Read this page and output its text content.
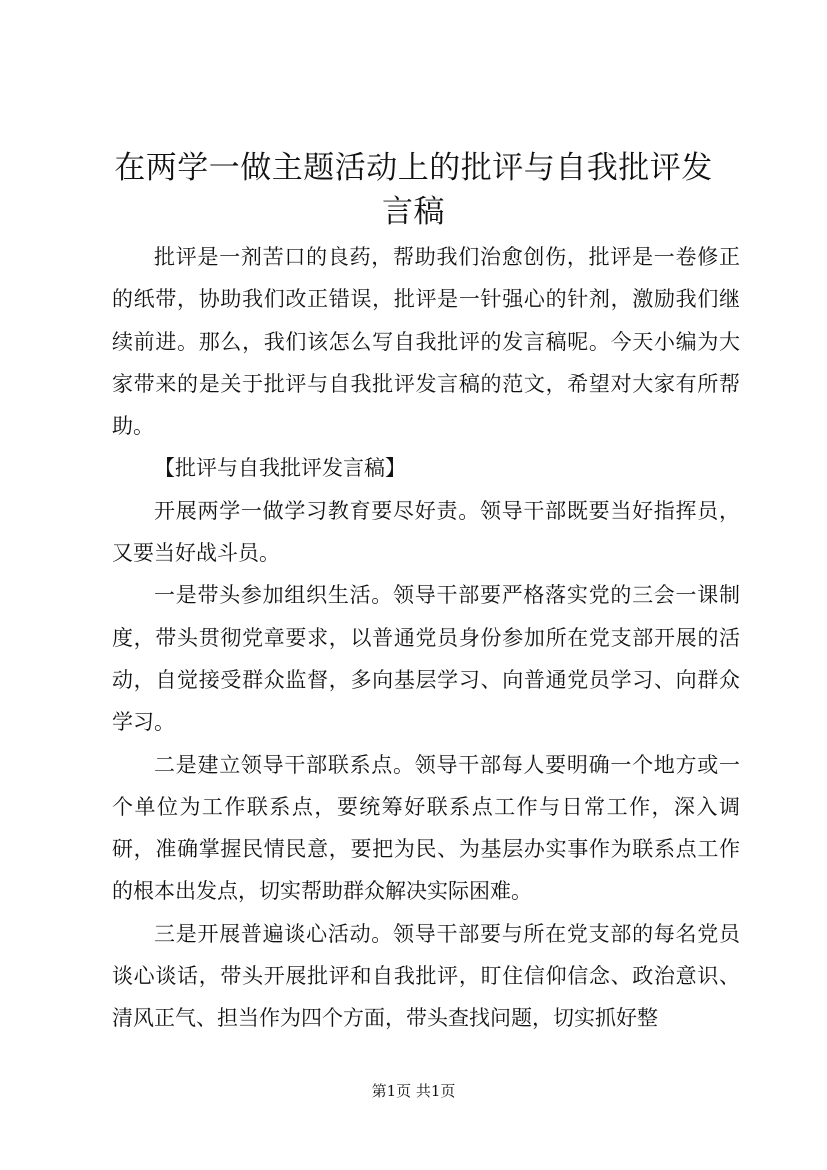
在两学一做主题活动上的批评与自我批评发言稿

批评是一剂苦口的良药，帮助我们治愈创伤，批评是一卷修正的纸带，协助我们改正错误，批评是一针强心的针剂，激励我们继续前进。那么，我们该怎么写自我批评的发言稿呢。今天小编为大家带来的是关于批评与自我批评发言稿的范文，希望对大家有所帮助。

【批评与自我批评发言稿】

开展两学一做学习教育要尽好责。领导干部既要当好指挥员，又要当好战斗员。

一是带头参加组织生活。领导干部要严格落实党的三会一课制度，带头贯彻党章要求，以普通党员身份参加所在党支部开展的活动，自觉接受群众监督，多向基层学习、向普通党员学习、向群众学习。

二是建立领导干部联系点。领导干部每人要明确一个地方或一个单位为工作联系点，要统筹好联系点工作与日常工作，深入调研，准确掌握民情民意，要把为民、为基层办实事作为联系点工作的根本出发点，切实帮助群众解决实际困难。

三是开展普遍谈心活动。领导干部要与所在党支部的每名党员谈心谈话，带头开展批评和自我批评，盯住信仰信念、政治意识、清风正气、担当作为四个方面，带头查找问题，切实抓好整

第1页 共1页
